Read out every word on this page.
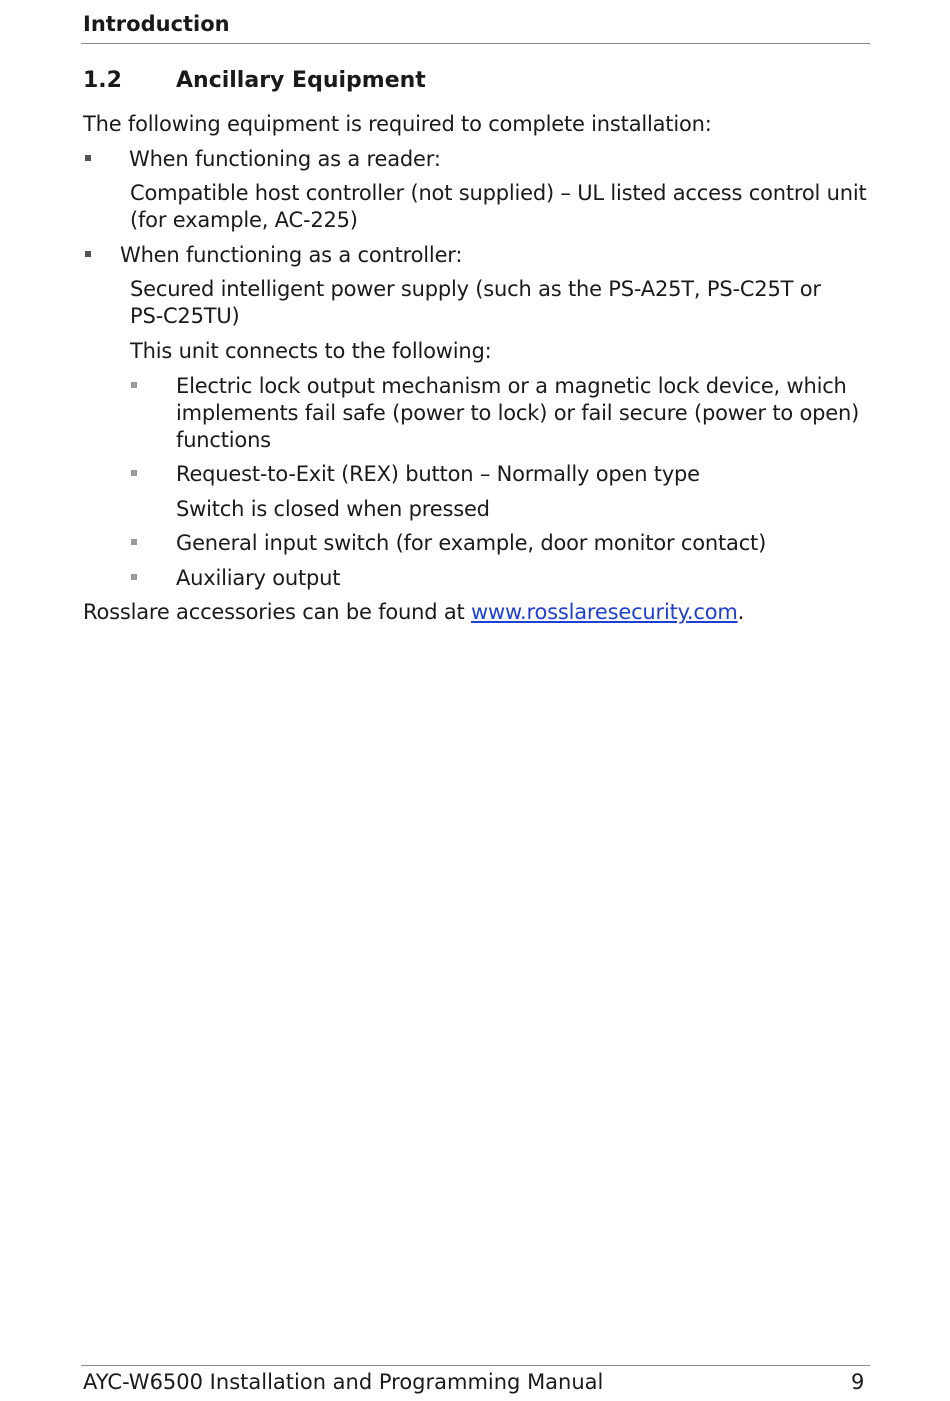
Introduction
1.2 Ancillary Equipment
The following equipment is required to complete installation:
When functioning as a reader:
Compatible host controller (not supplied) – UL listed access control unit
(for example, AC-225)
When functioning as a controller:
Secured intelligent power supply (such as the PS-A25T, PS-C25T or
PS-C25TU)
This unit connects to the following:
Electric lock output mechanism or a magnetic lock device, which
implements fail safe (power to lock) or fail secure (power to open)
functions
Request-to-Exit (REX) button – Normally open type
Switch is closed when pressed
General input switch (for example, door monitor contact)
Auxiliary output
Rosslare accessories can be found at www.rosslaresecurity.com.
AYC-W6500 Installation and Programming Manual	9
